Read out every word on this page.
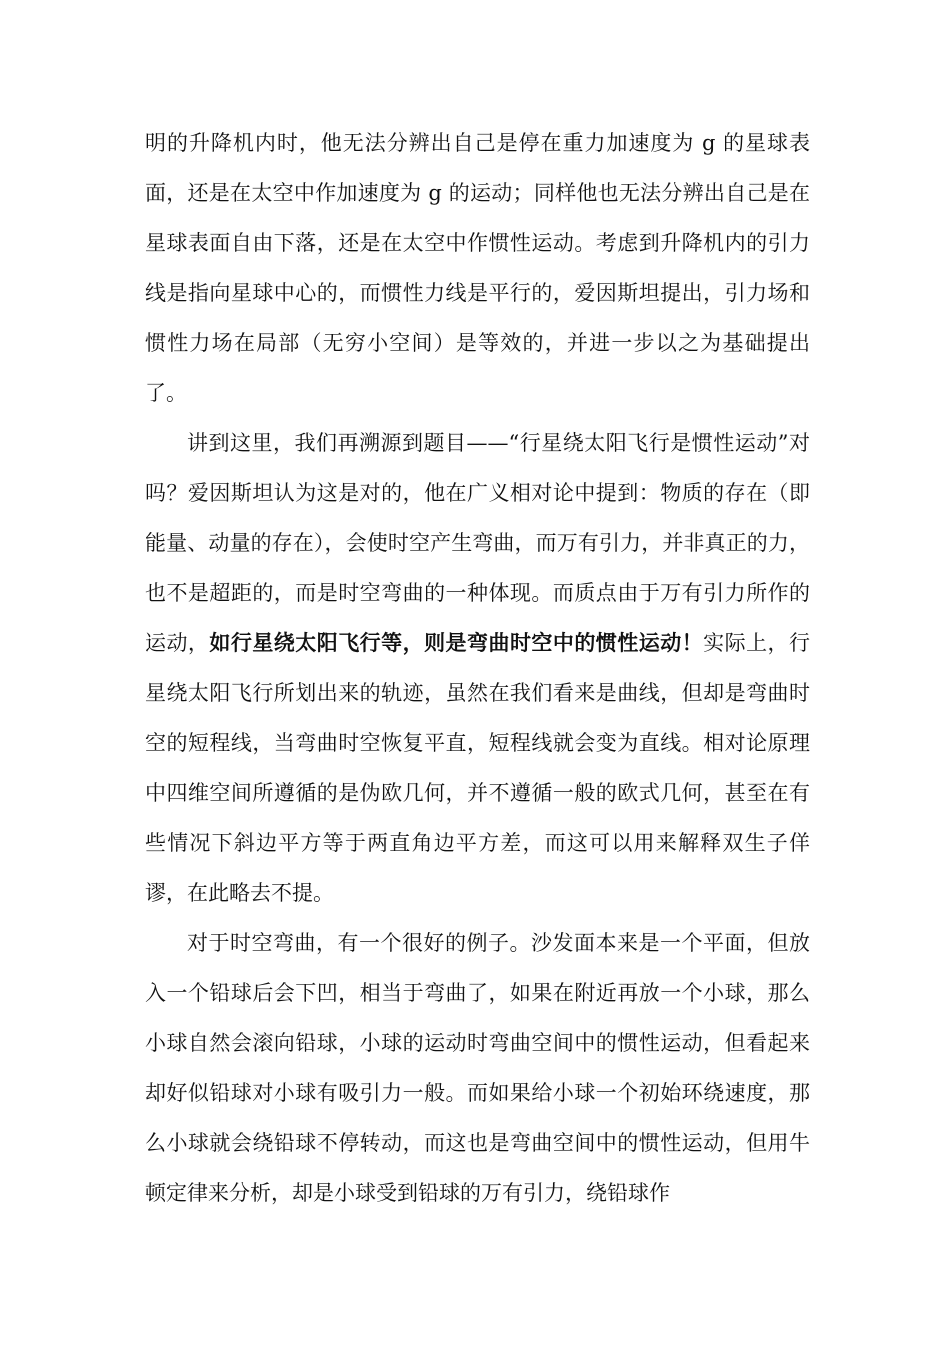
明的升降机内时，他无法分辨出自己是停在重力加速度为 g 的星球表面，还是在太空中作加速度为 g 的运动；同样他也无法分辨出自己是在星球表面自由下落，还是在太空中作惯性运动。考虑到升降机内的引力线是指向星球中心的，而惯性力线是平行的，爱因斯坦提出，引力场和惯性力场在局部（无穷小空间）是等效的，并进一步以之为基础提出了。

讲到这里，我们再溯源到题目——“行星绕太阳飞行是惯性运动”对吗？爱因斯坦认为这是对的，他在广义相对论中提到：物质的存在（即能量、动量的存在），会使时空产生弯曲，而万有引力，并非真正的力，也不是超距的，而是时空弯曲的一种体现。而质点由于万有引力所作的运动，如行星绕太阳飞行等，则是弯曲时空中的惯性运动！实际上，行星绕太阳飞行所划出来的轨迹，虽然在我们看来是曲线，但却是弯曲时空的短程线，当弯曲时空恢复平直，短程线就会变为直线。相对论原理中四维空间所遵循的是伪欧几何，并不遵循一般的欧式几何，甚至在有些情况下斜边平方等于两直角边平方差，而这可以用来解释双生子佯谬，在此略去不提。

对于时空弯曲，有一个很好的例子。沙发面本来是一个平面，但放入一个铅球后会下凹，相当于弯曲了，如果在附近再放一个小球，那么小球自然会滚向铅球，小球的运动时弯曲空间中的惯性运动，但看起来却好似铅球对小球有吸引力一般。而如果给小球一个初始环绕速度，那么小球就会绕铅球不停转动，而这也是弯曲空间中的惯性运动，但用牛顿定律来分析，却是小球受到铅球的万有引力，绕铅球作
